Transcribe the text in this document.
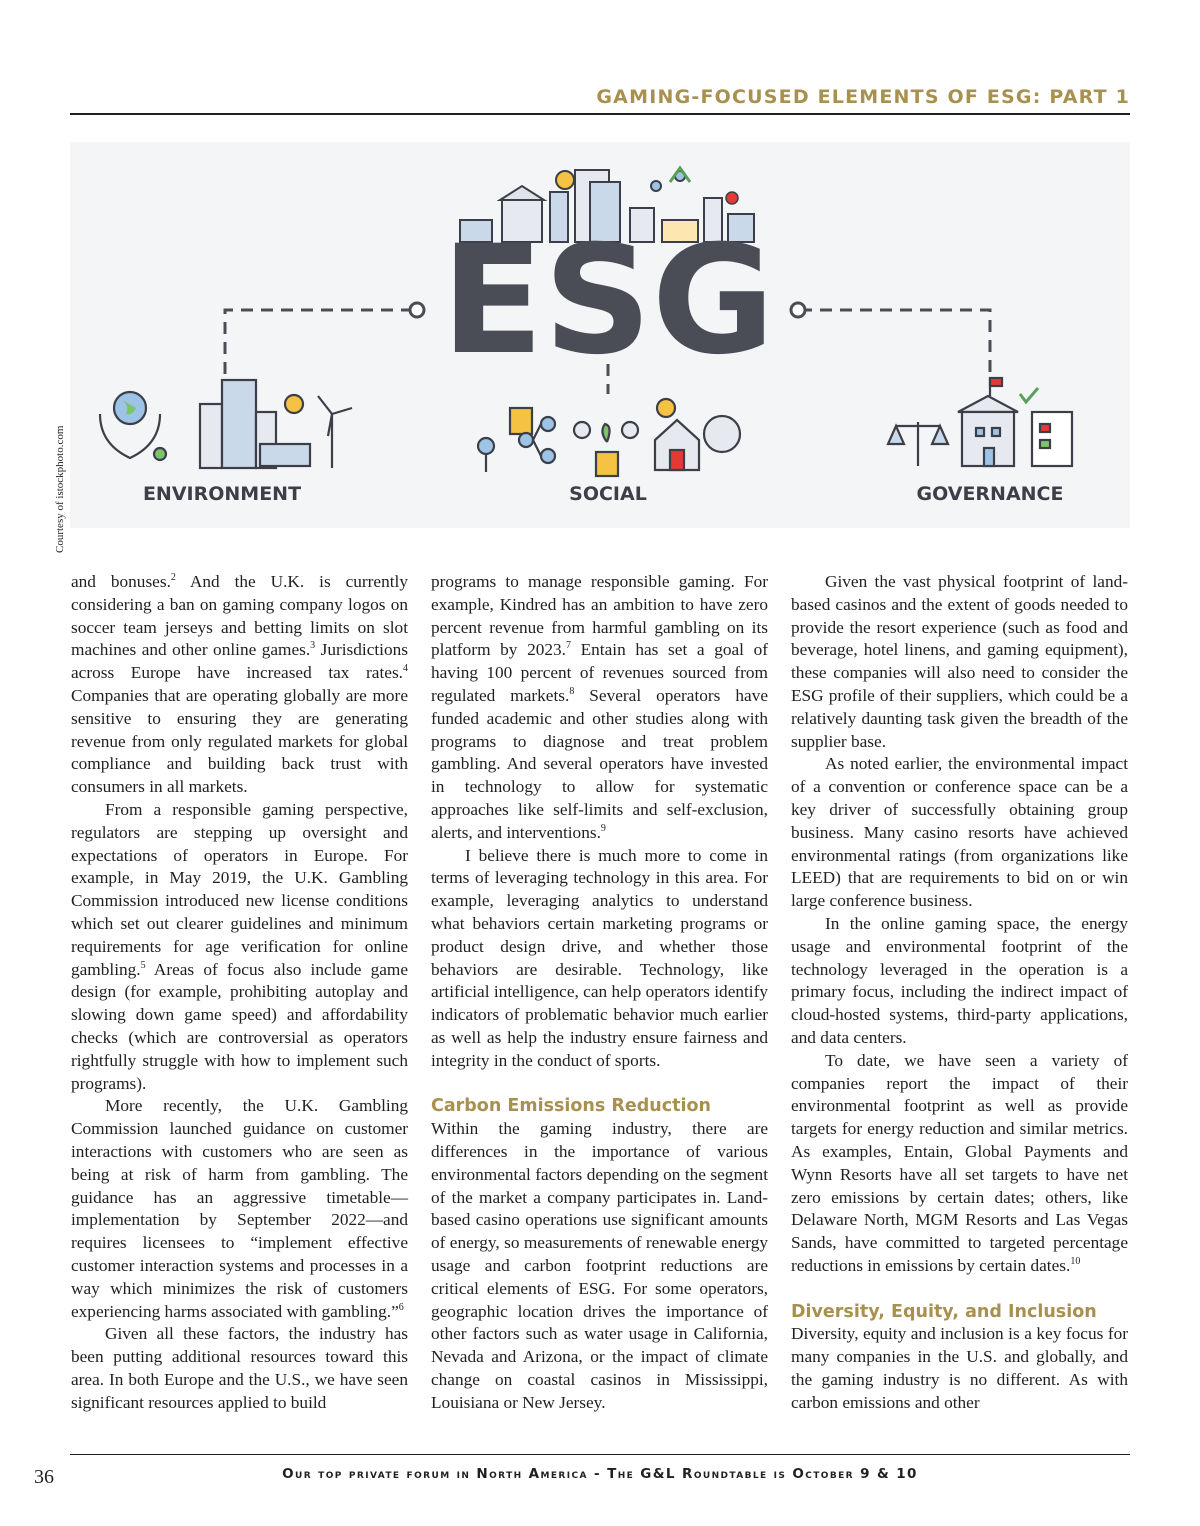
GAMING-FOCUSED ELEMENTS OF ESG: PART 1
ESG
ENVIRONMENT	SOCIAL	GOVERNANCE
Courtesy of istockphoto.com

and bonuses.$^2$ And the U.K. is currently considering a ban on gaming company logos on soccer team jerseys and betting limits on slot machines and other online games.$^3$ Jurisdictions across Europe have increased tax rates.$^4$ Companies that are operating globally are more sensitive to ensuring they are generating revenue from only regulated markets for global compliance and building back trust with consumers in all markets.

From a responsible gaming perspective, regulators are stepping up oversight and expectations of operators in Europe. For example, in May 2019, the U.K. Gambling Commission introduced new license conditions which set out clearer guidelines and minimum requirements for age verification for online gambling.$^5$ Areas of focus also include game design (for example, prohibiting autoplay and slowing down game speed) and affordability checks (which are controversial as operators rightfully struggle with how to implement such programs).

More recently, the U.K. Gambling Commission launched guidance on customer interactions with customers who are seen as being at risk of harm from gambling. The guidance has an aggressive timetable—implementation by September 2022—and requires licensees to “implement effective customer interaction systems and processes in a way which minimizes the risk of customers experiencing harms associated with gambling.”$^6$

Given all these factors, the industry has been putting additional resources toward this area. In both Europe and the U.S., we have seen significant resources applied to build

programs to manage responsible gaming. For example, Kindred has an ambition to have zero percent revenue from harmful gambling on its platform by 2023.$^7$ Entain has set a goal of having 100 percent of revenues sourced from regulated markets.$^8$ Several operators have funded academic and other studies along with programs to diagnose and treat problem gambling. And several operators have invested in technology to allow for systematic approaches like self-limits and self-exclusion, alerts, and interventions.$^9$

I believe there is much more to come in terms of leveraging technology in this area. For example, leveraging analytics to understand what behaviors certain marketing programs or product design drive, and whether those behaviors are desirable. Technology, like artificial intelligence, can help operators identify indicators of problematic behavior much earlier as well as help the industry ensure fairness and integrity in the conduct of sports.

Carbon Emissions Reduction

Within the gaming industry, there are differences in the importance of various environmental factors depending on the segment of the market a company participates in. Land-based casino operations use significant amounts of energy, so measurements of renewable energy usage and carbon footprint reductions are critical elements of ESG. For some operators, geographic location drives the importance of other factors such as water usage in California, Nevada and Arizona, or the impact of climate change on coastal casinos in Mississippi, Louisiana or New Jersey.

Given the vast physical footprint of land-based casinos and the extent of goods needed to provide the resort experience (such as food and beverage, hotel linens, and gaming equipment), these companies will also need to consider the ESG profile of their suppliers, which could be a relatively daunting task given the breadth of the supplier base.

As noted earlier, the environmental impact of a convention or conference space can be a key driver of successfully obtaining group business. Many casino resorts have achieved environmental ratings (from organizations like LEED) that are requirements to bid on or win large conference business.

In the online gaming space, the energy usage and environmental footprint of the technology leveraged in the operation is a primary focus, including the indirect impact of cloud-hosted systems, third-party applications, and data centers.

To date, we have seen a variety of companies report the impact of their environmental footprint as well as provide targets for energy reduction and similar metrics. As examples, Entain, Global Payments and Wynn Resorts have all set targets to have net zero emissions by certain dates; others, like Delaware North, MGM Resorts and Las Vegas Sands, have committed to targeted percentage reductions in emissions by certain dates.$^{10}$

Diversity, Equity, and Inclusion

Diversity, equity and inclusion is a key focus for many companies in the U.S. and globally, and the gaming industry is no different. As with carbon emissions and other

36	Our top private forum in North America - The G&L Roundtable is October 9 & 10
